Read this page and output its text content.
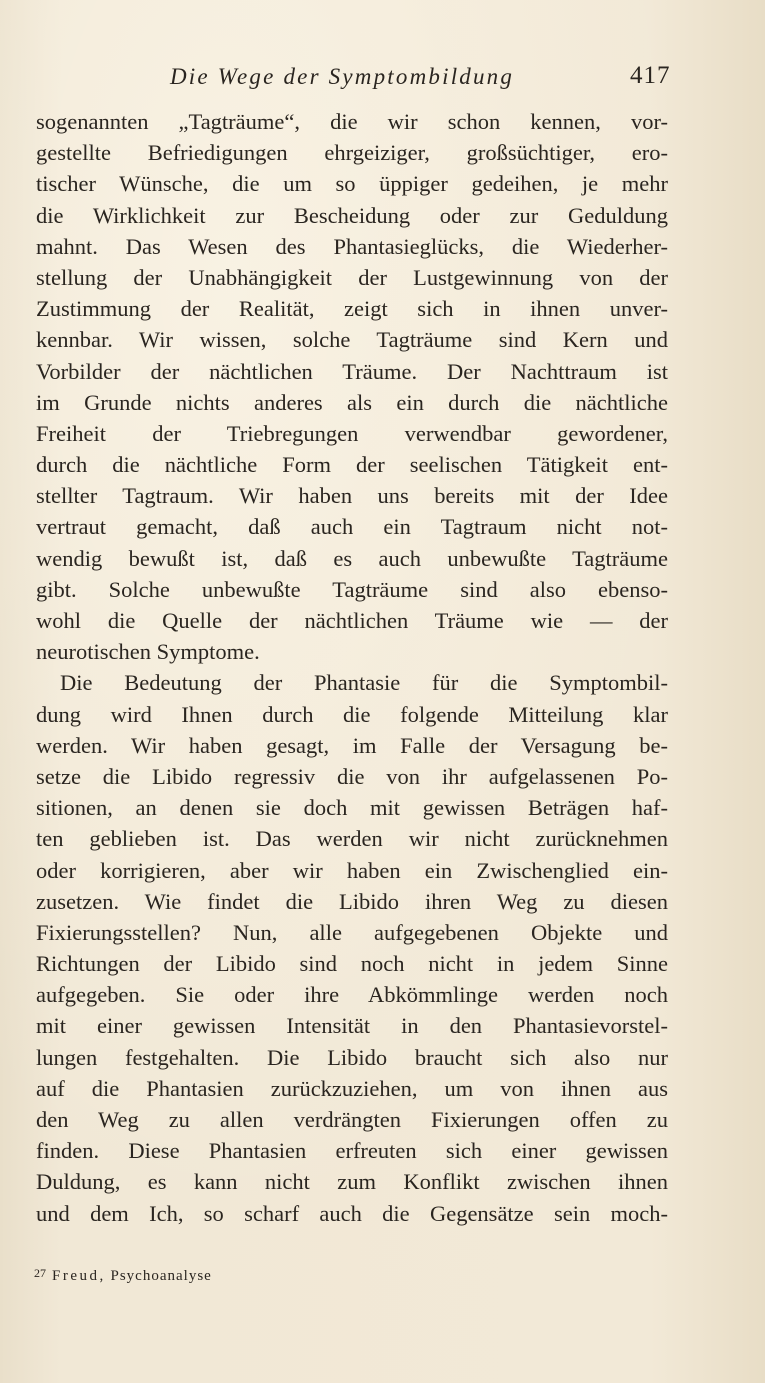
Die Wege der Symptombildung	417
sogenannten „Tagträume“, die wir schon kennen, vor-
gestellte Befriedigungen ehrgeiziger, großsüchtiger, ero-
tischer Wünsche, die um so üppiger gedeihen, je mehr
die Wirklichkeit zur Bescheidung oder zur Geduldung
mahnt. Das Wesen des Phantasieglücks, die Wiederher-
stellung der Unabhängigkeit der Lustgewinnung von der
Zustimmung der Realität, zeigt sich in ihnen unver-
kennbar. Wir wissen, solche Tagträume sind Kern und
Vorbilder der nächtlichen Träume. Der Nachttraum ist
im Grunde nichts anderes als ein durch die nächtliche
Freiheit der Triebregungen verwendbar gewordener,
durch die nächtliche Form der seelischen Tätigkeit ent-
stellter Tagtraum. Wir haben uns bereits mit der Idee
vertraut gemacht, daß auch ein Tagtraum nicht not-
wendig bewußt ist, daß es auch unbewußte Tagträume
gibt. Solche unbewußte Tagträume sind also ebenso-
wohl die Quelle der nächtlichen Träume wie — der
neurotischen Symptome.
Die Bedeutung der Phantasie für die Symptombil-
dung wird Ihnen durch die folgende Mitteilung klar
werden. Wir haben gesagt, im Falle der Versagung be-
setze die Libido regressiv die von ihr aufgelassenen Po-
sitionen, an denen sie doch mit gewissen Beträgen haf-
ten geblieben ist. Das werden wir nicht zurücknehmen
oder korrigieren, aber wir haben ein Zwischenglied ein-
zusetzen. Wie findet die Libido ihren Weg zu diesen
Fixierungsstellen? Nun, alle aufgegebenen Objekte und
Richtungen der Libido sind noch nicht in jedem Sinne
aufgegeben. Sie oder ihre Abkömmlinge werden noch
mit einer gewissen Intensität in den Phantasievorstel-
lungen festgehalten. Die Libido braucht sich also nur
auf die Phantasien zurückzuziehen, um von ihnen aus
den Weg zu allen verdrängten Fixierungen offen zu
finden. Diese Phantasien erfreuten sich einer gewissen
Duldung, es kann nicht zum Konflikt zwischen ihnen
und dem Ich, so scharf auch die Gegensätze sein moch-
$^{27}$ Freud, Psychoanalyse
